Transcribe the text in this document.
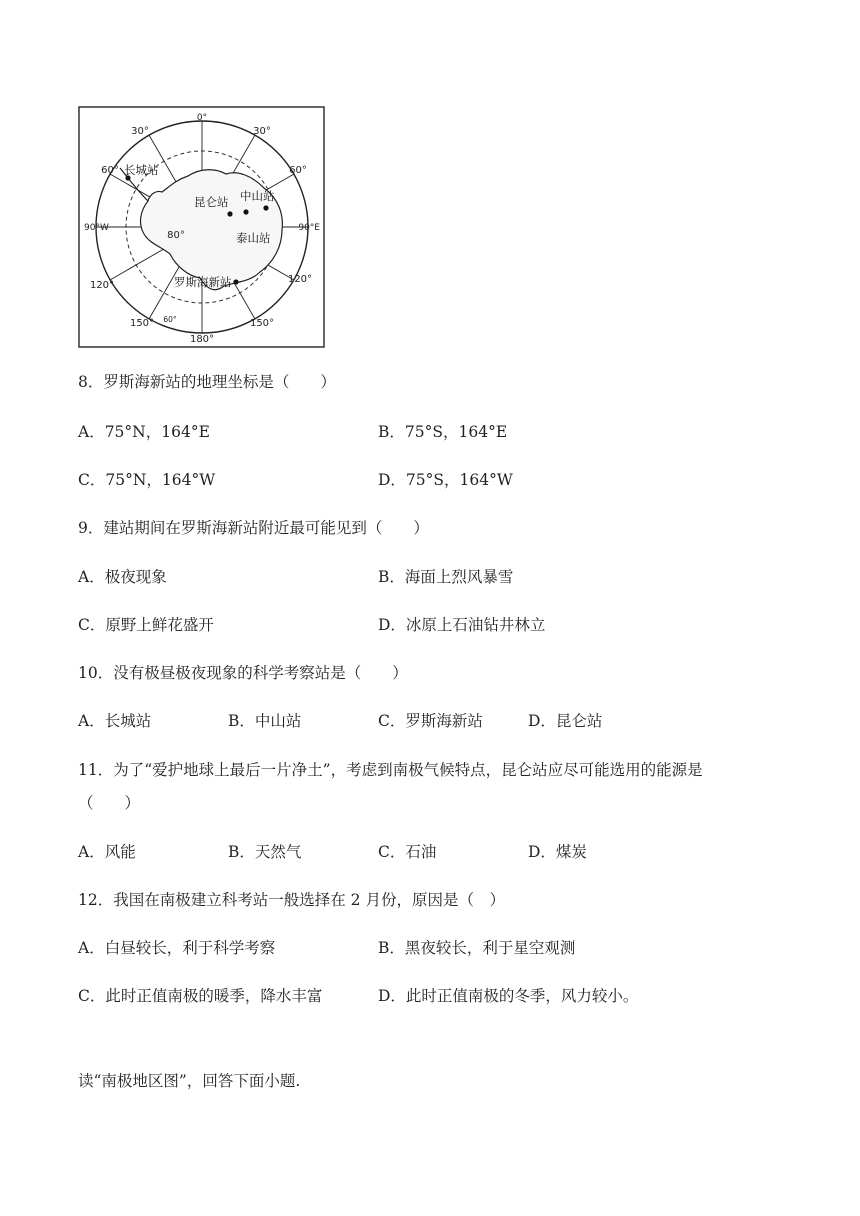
0°
30°	30°
60°	60°
90°W	90°E
120°
120°
150°	150°
180°
60°
80°
长城站
昆仑站 中山站
泰山站
罗斯海新站
8．罗斯海新站的地理坐标是（　　）
A．75°N，164°E	B．75°S，164°E
C．75°N，164°W	D．75°S，164°W
9．建站期间在罗斯海新站附近最可能见到（　　）
A．极夜现象	B．海面上烈风暴雪
C．原野上鲜花盛开	D．冰原上石油钻井林立
10．没有极昼极夜现象的科学考察站是（　　）
A．长城站	B．中山站	C．罗斯海新站	D．昆仑站
11．为了“爱护地球上最后一片净土”，考虑到南极气候特点，昆仑站应尽可能选用的能源是
（　　）
A．风能	B．天然气	C．石油	D．煤炭
12．我国在南极建立科考站一般选择在 2 月份，原因是（　）
A．白昼较长，利于科学考察	B．黑夜较长，利于星空观测
C．此时正值南极的暖季，降水丰富	D．此时正值南极的冬季，风力较小。
读“南极地区图”，回答下面小题.
